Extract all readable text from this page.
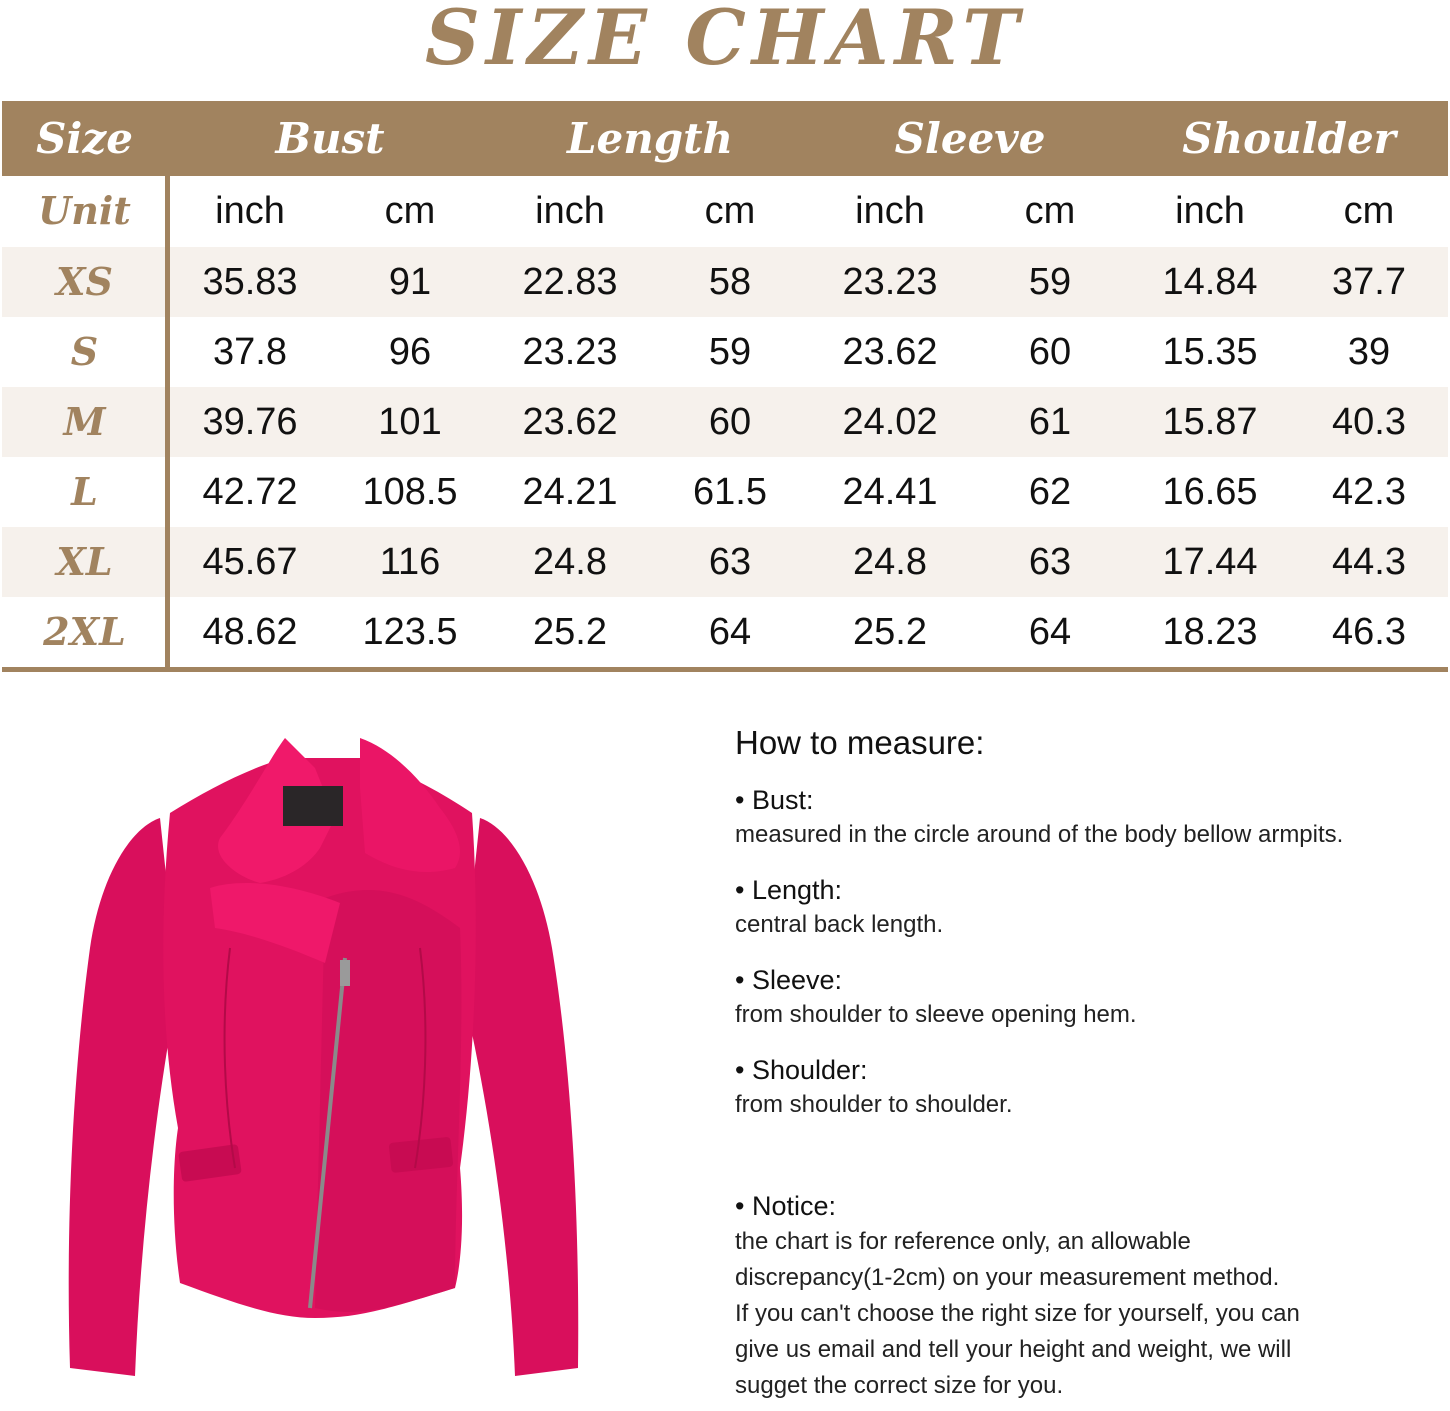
SIZE CHART
Size	Bust	Length	Sleeve	Shoulder
Unit	inch	cm	inch	cm	inch	cm	inch	cm
XS	35.83	91	22.83	58	23.23	59	14.84	37.7
S	37.8	96	23.23	59	23.62	60	15.35	39
M	39.76	101	23.62	60	24.02	61	15.87	40.3
L	42.72	108.5	24.21	61.5	24.41	62	16.65	42.3
XL	45.67	116	24.8	63	24.8	63	17.44	44.3
2XL	48.62	123.5	25.2	64	25.2	64	18.23	46.3
How to measure:
• Bust:
measured in the circle around of the body bellow armpits.
• Length:
central back length.
• Sleeve:
from shoulder to sleeve opening hem.
• Shoulder:
from shoulder to shoulder.
• Notice:
the chart is for reference only, an allowable
discrepancy(1-2cm) on your measurement method.
If you can't choose the right size for yourself, you can
give us email and tell your height and weight, we will
sugget the correct size for you.
